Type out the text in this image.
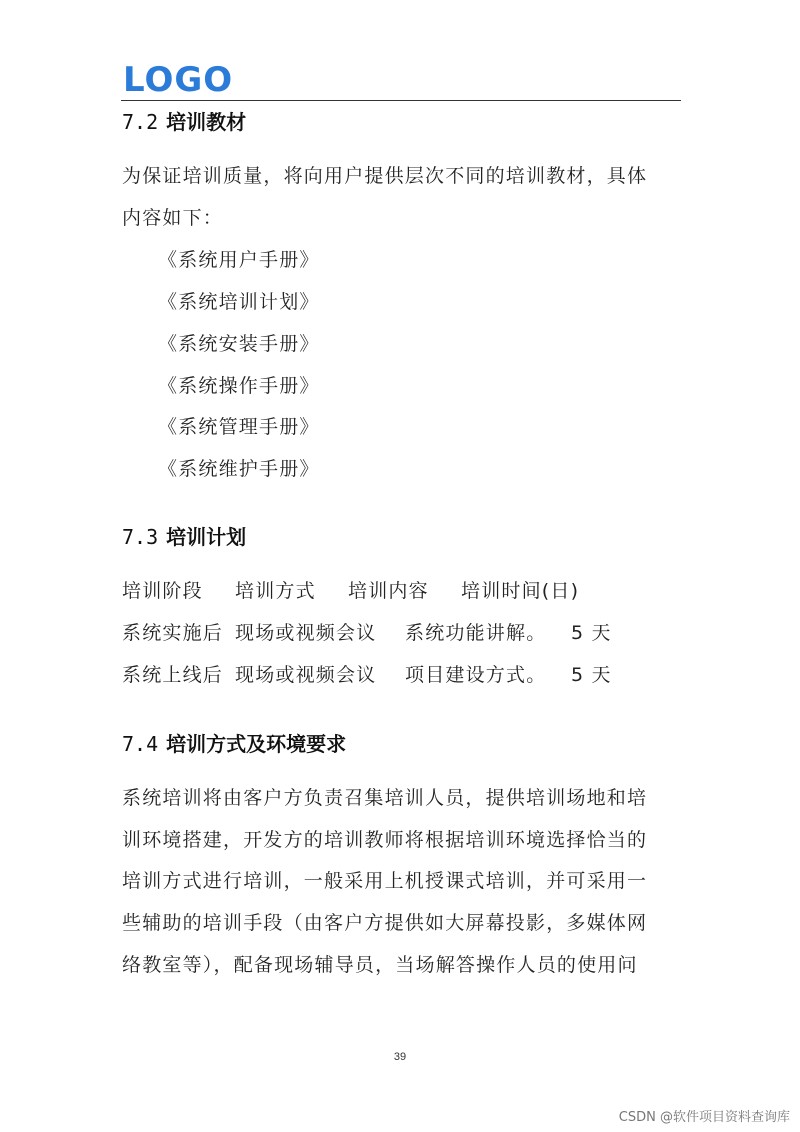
LOGO
7.2 培训教材
为保证培训质量，将向用户提供层次不同的培训教材，具体
内容如下：
《系统用户手册》
《系统培训计划》
《系统安装手册》
《系统操作手册》
《系统管理手册》
《系统维护手册》
7.3 培训计划
培训阶段 培训方式 培训内容 培训时间(日)
系统实施后 现场或视频会议 系统功能讲解。 5 天
系统上线后 现场或视频会议 项目建设方式。 5 天
7.4 培训方式及环境要求
系统培训将由客户方负责召集培训人员，提供培训场地和培
训环境搭建，开发方的培训教师将根据培训环境选择恰当的
培训方式进行培训，一般采用上机授课式培训，并可采用一
些辅助的培训手段（由客户方提供如大屏幕投影，多媒体网
络教室等），配备现场辅导员，当场解答操作人员的使用问
39
CSDN @软件项目资料查询库
